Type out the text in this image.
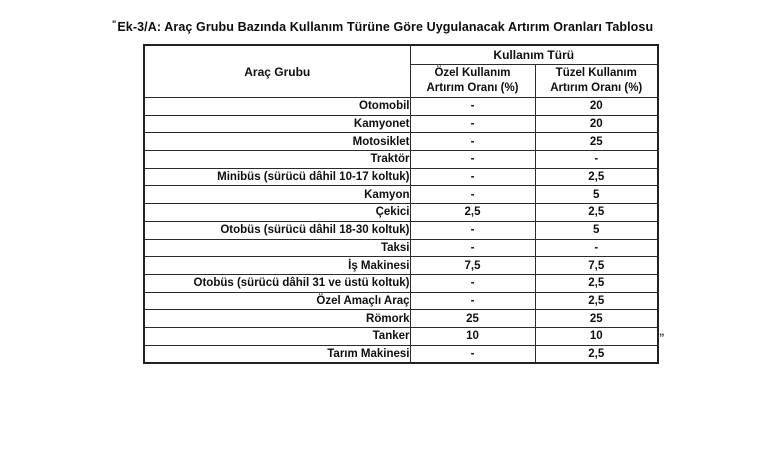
"Ek-3/A: Araç Grubu Bazında Kullanım Türüne Göre Uygulanacak Artırım Oranları Tablosu
Araç Grubu	Kullanım Türü	

Özel Kullanım
Artırım Oranı (%)

Tüzel Kullanım
Artırım Oranı (%)

Otomobil	-	20
Kamyonet	-	20
Motosiklet	-	25
Traktör	-	-
Minibüs (sürücü dâhil 10-17 koltuk)	-	2,5
Kamyon	-	5
Çekici	2,5	2,5
Otobüs (sürücü dâhil 18-30 koltuk)	-	5
Taksi	-	-
İş Makinesi	7,5	7,5
Otobüs (sürücü dâhil 31 ve üstü koltuk)	-	2,5
Özel Amaçlı Araç	-	2,5
Römork	25	25
Tanker	10	10
Tarım Makinesi	-	2,5
„
